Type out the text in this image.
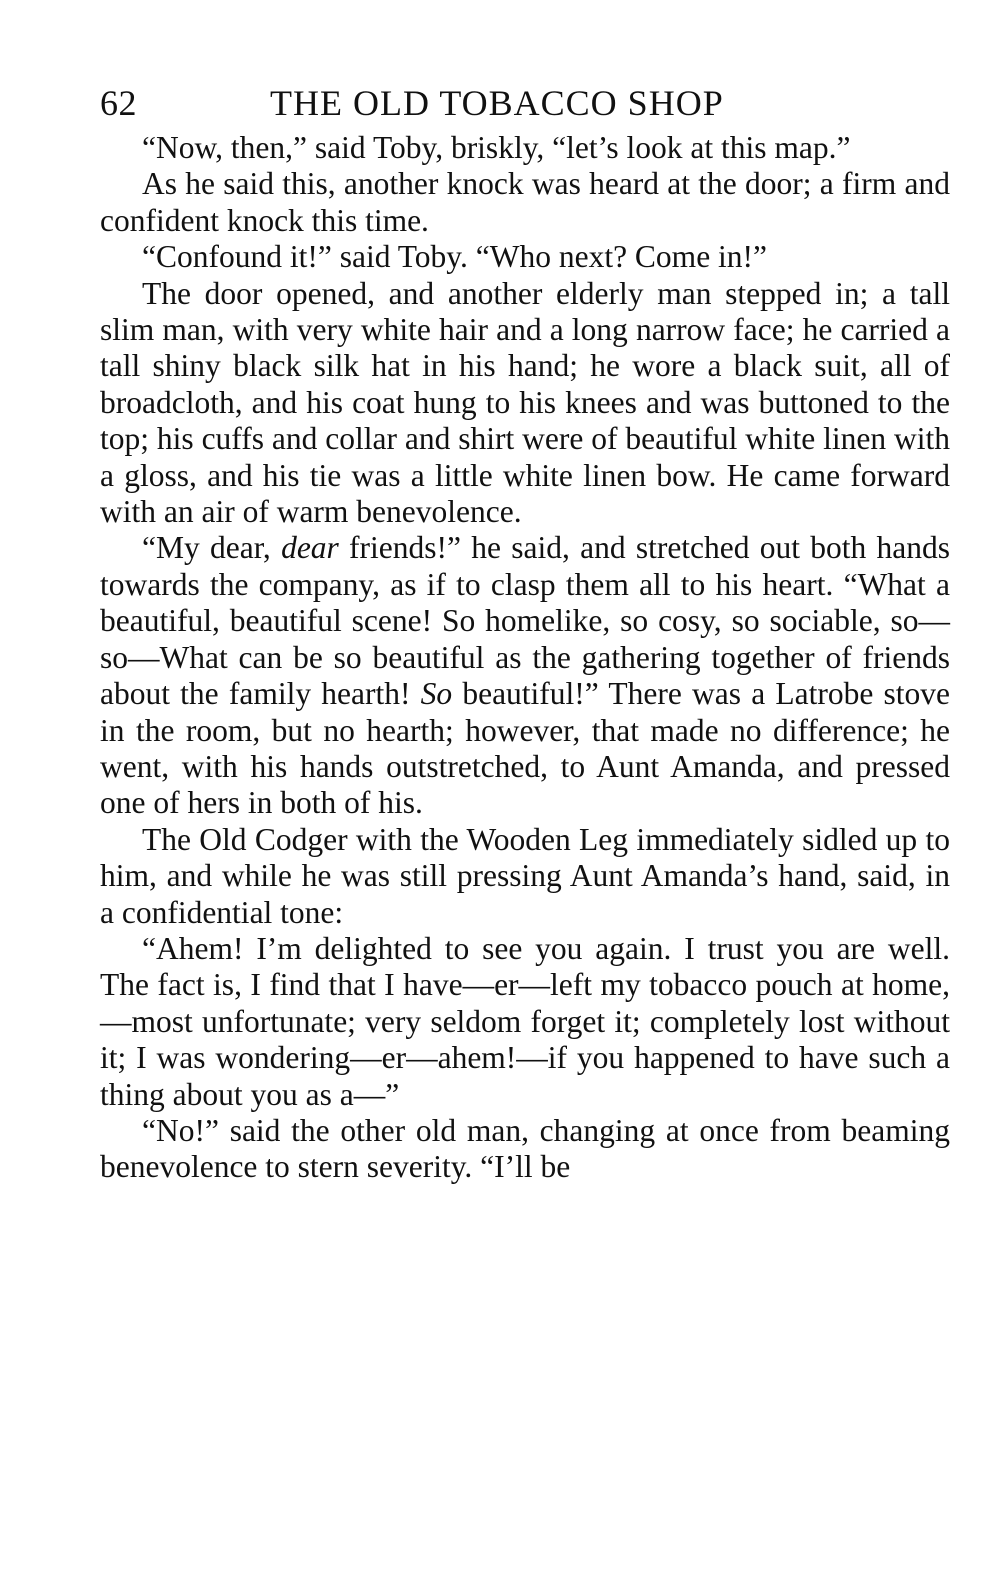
62	THE OLD TOBACCO SHOP

“Now, then,” said Toby, briskly, “let’s look at this map.”

As he said this, another knock was heard at the door; a firm and confident knock this time.

“Confound it!” said Toby. “Who next? Come in!”

The door opened, and another elderly man stepped in; a tall slim man, with very white hair and a long narrow face; he carried a tall shiny black silk hat in his hand; he wore a black suit, all of broadcloth, and his coat hung to his knees and was buttoned to the top; his cuffs and collar and shirt were of beautiful white linen with a gloss, and his tie was a little white linen bow. He came forward with an air of warm benevolence.

“My dear, dear friends!” he said, and stretched out both hands towards the company, as if to clasp them all to his heart. “What a beautiful, beautiful scene! So homelike, so cosy, so sociable, so—so—What can be so beautiful as the gathering together of friends about the family hearth! So beautiful!” There was a Latrobe stove in the room, but no hearth; however, that made no difference; he went, with his hands outstretched, to Aunt Amanda, and pressed one of hers in both of his.

The Old Codger with the Wooden Leg immediately sidled up to him, and while he was still pressing Aunt Amanda’s hand, said, in a confidential tone:

“Ahem! I’m delighted to see you again. I trust you are well. The fact is, I find that I have—er—left my tobacco pouch at home,—most unfortunate; very seldom forget it; completely lost without it; I was wondering—er—ahem!—if you happened to have such a thing about you as a—”

“No!” said the other old man, changing at once from beaming benevolence to stern severity. “I’ll be
